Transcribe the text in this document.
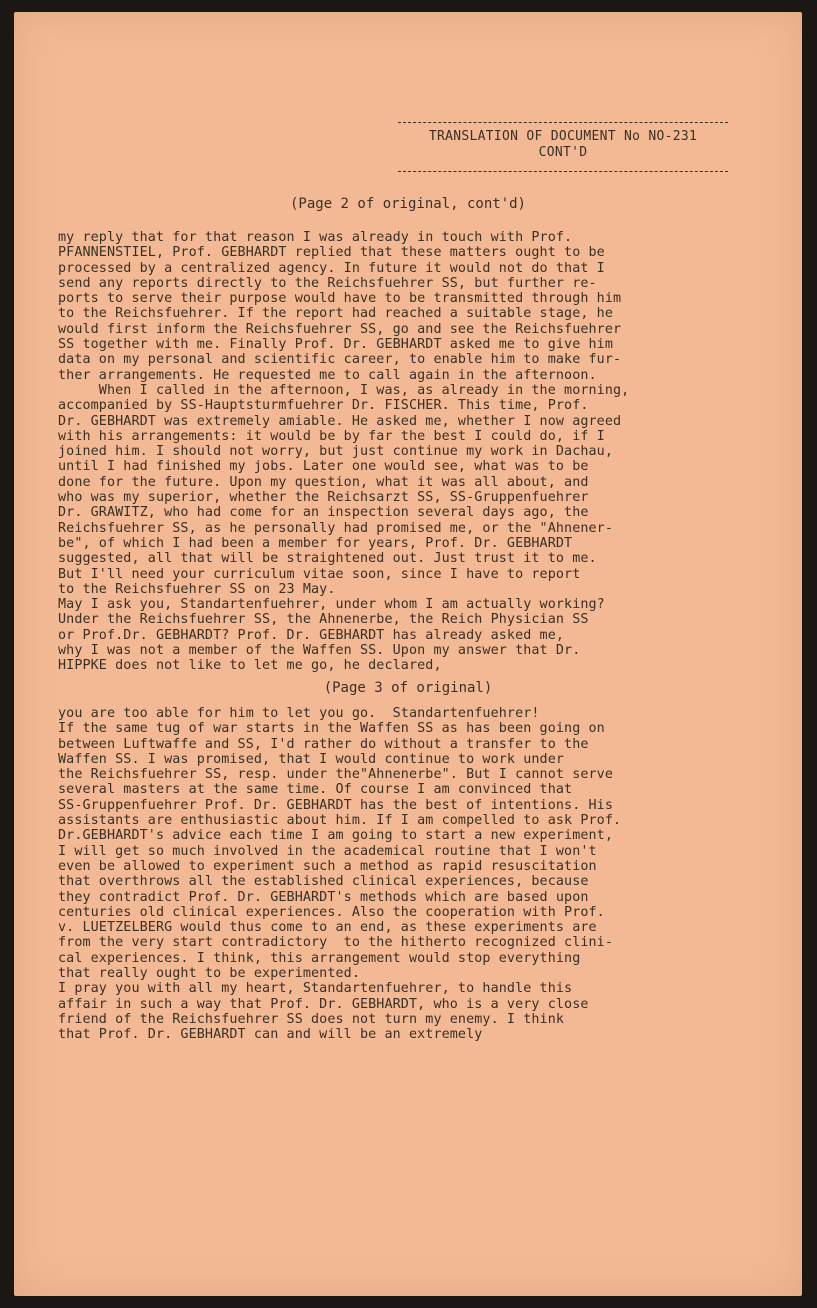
TRANSLATION OF DOCUMENT No NO-231
CONT'D
(Page 2 of original, cont'd)
my reply that for that reason I was already in touch with Prof.
PFANNENSTIEL, Prof. GEBHARDT replied that these matters ought to be
processed by a centralized agency. In future it would not do that I
send any reports directly to the Reichsfuehrer SS, but further re-
ports to serve their purpose would have to be transmitted through him
to the Reichsfuehrer. If the report had reached a suitable stage, he
would first inform the Reichsfuehrer SS, go and see the Reichsfuehrer
SS together with me. Finally Prof. Dr. GEBHARDT asked me to give him
data on my personal and scientific career, to enable him to make fur-
ther arrangements. He requested me to call again in the afternoon.
When I called in the afternoon, I was, as already in the morning,
accompanied by SS-Hauptsturmfuehrer Dr. FISCHER. This time, Prof.
Dr. GEBHARDT was extremely amiable. He asked me, whether I now agreed
with his arrangements: it would be by far the best I could do, if I
joined him. I should not worry, but just continue my work in Dachau,
until I had finished my jobs. Later one would see, what was to be
done for the future. Upon my question, what it was all about, and
who was my superior, whether the Reichsarzt SS, SS-Gruppenfuehrer
Dr. GRAWITZ, who had come for an inspection several days ago, the
Reichsfuehrer SS, as he personally had promised me, or the "Ahnener-
be", of which I had been a member for years, Prof. Dr. GEBHARDT
suggested, all that will be straightened out. Just trust it to me.
But I'll need your curriculum vitae soon, since I have to report
to the Reichsfuehrer SS on 23 May.
May I ask you, Standartenfuehrer, under whom I am actually working?
Under the Reichsfuehrer SS, the Ahnenerbe, the Reich Physician SS
or Prof.Dr. GEBHARDT? Prof. Dr. GEBHARDT has already asked me,
why I was not a member of the Waffen SS. Upon my answer that Dr.
HIPPKE does not like to let me go, he declared,
(Page 3 of original)
you are too able for him to let you go.  Standartenfuehrer!
If the same tug of war starts in the Waffen SS as has been going on
between Luftwaffe and SS, I'd rather do without a transfer to the
Waffen SS. I was promised, that I would continue to work under
the Reichsfuehrer SS, resp. under the"Ahnenerbe". But I cannot serve
several masters at the same time. Of course I am convinced that
SS-Gruppenfuehrer Prof. Dr. GEBHARDT has the best of intentions. His
assistants are enthusiastic about him. If I am compelled to ask Prof.
Dr.GEBHARDT's advice each time I am going to start a new experiment,
I will get so much involved in the academical routine that I won't
even be allowed to experiment such a method as rapid resuscitation
that overthrows all the established clinical experiences, because
they contradict Prof. Dr. GEBHARDT's methods which are based upon
centuries old clinical experiences. Also the cooperation with Prof.
v. LUETZELBERG would thus come to an end, as these experiments are
from the very start contradictory  to the hitherto recognized clini-
cal experiences. I think, this arrangement would stop everything
that really ought to be experimented.
I pray you with all my heart, Standartenfuehrer, to handle this
affair in such a way that Prof. Dr. GEBHARDT, who is a very close
friend of the Reichsfuehrer SS does not turn my enemy. I think
that Prof. Dr. GEBHARDT can and will be an extremely
